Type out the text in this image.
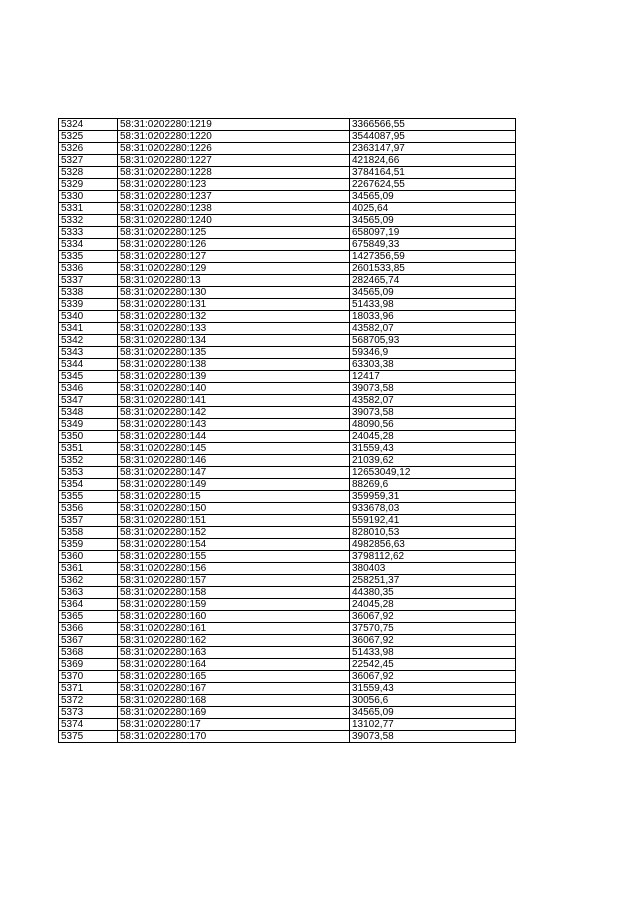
5324	58:31:0202280:1219	3366566,55
5325	58:31:0202280:1220	3544087,95
5326	58:31:0202280:1226	2363147,97
5327	58:31:0202280:1227	421824,66
5328	58:31:0202280:1228	3784164,51
5329	58:31:0202280:123	2267624,55
5330	58:31:0202280:1237	34565,09
5331	58:31:0202280:1238	4025,64
5332	58:31:0202280:1240	34565,09
5333	58:31:0202280:125	658097,19
5334	58:31:0202280:126	675849,33
5335	58:31:0202280:127	1427356,59
5336	58:31:0202280:129	2601533,85
5337	58:31:0202280:13	282465,74
5338	58:31:0202280:130	34565,09
5339	58:31:0202280:131	51433,98
5340	58:31:0202280:132	18033,96
5341	58:31:0202280:133	43582,07
5342	58:31:0202280:134	568705,93
5343	58:31:0202280:135	59346,9
5344	58:31:0202280:138	63303,38
5345	58:31:0202280:139	12417
5346	58:31:0202280:140	39073,58
5347	58:31:0202280:141	43582,07
5348	58:31:0202280:142	39073,58
5349	58:31:0202280:143	48090,56
5350	58:31:0202280:144	24045,28
5351	58:31:0202280:145	31559,43
5352	58:31:0202280:146	21039,62
5353	58:31:0202280:147	12653049,12
5354	58:31:0202280:149	88269,6
5355	58:31:0202280:15	359959,31
5356	58:31:0202280:150	933678,03
5357	58:31:0202280:151	559192,41
5358	58:31:0202280:152	828010,53
5359	58:31:0202280:154	4982856,63
5360	58:31:0202280:155	3798112,62
5361	58:31:0202280:156	380403
5362	58:31:0202280:157	258251,37
5363	58:31:0202280:158	44380,35
5364	58:31:0202280:159	24045,28
5365	58:31:0202280:160	36067,92
5366	58:31:0202280:161	37570,75
5367	58:31:0202280:162	36067,92
5368	58:31:0202280:163	51433,98
5369	58:31:0202280:164	22542,45
5370	58:31:0202280:165	36067,92
5371	58:31:0202280:167	31559,43
5372	58:31:0202280:168	30056,6
5373	58:31:0202280:169	34565,09
5374	58:31:0202280:17	13102,77
5375	58:31:0202280:170	39073,58
